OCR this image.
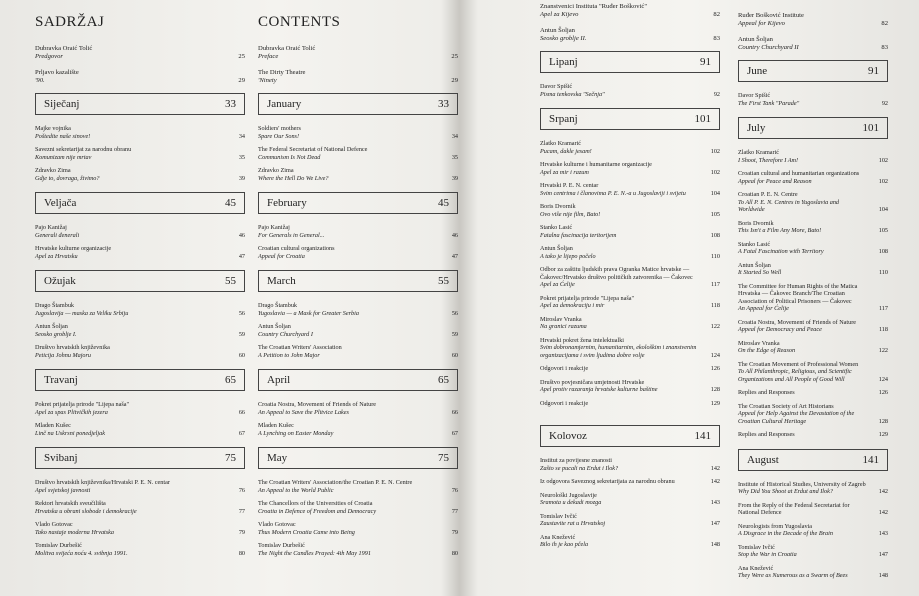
SADRŽAJ
Dubravka Oraić Tolić
Predgovor	25
Prljavo kazalište
'90.	29
Siječanj	33
Majke vojnika
Poštedite naše sinove!	34
Savezni sekretarijat za narodnu obranu
Komunizam nije mrtav	35
Zdravko Zima
Gdje to, dovraga, živimo?	39
Veljača	45
Pajo Kanižaj
Generali đenerali	46
Hrvatske kulturne organizacije
Apel za Hrvatsku	47
Ožujak	55
Drago Štambuk
Jugoslavija — maska za Veliku Srbiju	56
Antun Šoljan
Seosko groblje I.	59
Društvo hrvatskih književnika
Peticija Johnu Majoru	60
Travanj	65
Pokret prijatelja prirode "Lijepa naša"
Apel za spas Plitvičkih jezera	66
Mladen Kušec
Linč na Uskrsni ponedjeljak	67
Svibanj	75
Društvo hrvatskih književnika/Hrvatski P. E. N. centar
Apel svjetskoj javnosti	76
Rektori hrvatskih sveučilišta
Hrvatska u obrani slobode i demokracije	77
Vlado Gotovac
Tako nastaje moderna Hrvatska	79
Tomislav Durbešić
Molitva svijeća noću 4. svibnja 1991.	80
CONTENTS
Dubravka Oraić Tolić
Preface	25
The Dirty Theatre
'Ninety	29
January	33
Soldiers' mothers
Spare Our Sons!	34
The Federal Secretariat of National Defence
Communism Is Not Dead	35
Zdravko Zima
Where the Hell Do We Live?	39
February	45
Pajo Kanižaj
For Generals in General...	46
Croatian cultural organizations
Appeal for Croatia	47
March	55
Drago Štambuk
Yugoslavia — a Mask for Greater Serbia	56
Antun Šoljan
Country Churchyard I	59
The Croatian Writers' Association
A Petition to John Major	60
April	65
Croatia Nostra, Movement of Friends of Nature
An Appeal to Save the Plitvice Lakes	66
Mladen Kušec
A Lynching on Easter Monday	67
May	75
The Croatian Writers' Association/the Croatian P. E. N. Centre
An Appeal to the World Public	76
The Chancellors of the Universities of Croatia
Croatia in Defence of Freedom and Democracy	77
Vlado Gotovac
Thus Modern Croatia Came into Being	79
Tomislav Durbešić
The Night the Candles Prayed: 4th May 1991	80
Znanstvenici Instituta "Ruđer Bošković"
Apel za Kijevo	82
Antun Šoljan
Seosko groblje II.	83
Lipanj	91
Davor Spišić
Pisma tenkovska "Sečnja"	92
Srpanj	101
Zlatko Kramarić
Pucam, dakle jesam!	102
Hrvatske kulturne i humanitarne organizacije
Apel za mir i razum	102
Hrvatski P. E. N. centar
Svim centrima i članovima P. E. N.-a u Jugoslaviji i svijetu	104
Boris Dvornik
Ovo više nije film, Bato!	105
Stanko Lasić
Fatalna fascinacija teritorijem	108
Antun Šoljan
A tako je lijepo počelo	110
Odbor za zaštitu ljudskih prava Ogranka Matice hrvatske — Čakovec/Hrvatsko društvo političkih zatvorenika — Čakovec
Apel za Ćelije	117
Pokret prijatelja prirode "Lijepa naša"
Apel za demokraciju i mir	118
Miroslav Vranka
Na granici razuma	122
Hrvatski pokret žena intelektualki
Svim dobronamjernim, humanitarnim, ekološkim i znanstvenim organizacijama i svim ljudima dobre volje	124
Odgovori i reakcije	126
Društvo povjesničara umjetnosti Hrvatske
Apel protiv razaranja hrvatske kulturne baštine	128
Odgovori i reakcije	129
Kolovoz	141
Institut za povijesne znanosti
Zašto se pucali na Erdut i Ilok?	142
Iz odgovora Saveznog sekretarijata za narodnu obranu	142
Neurološki Jugoslavije
Sramota u dekadi mozga	143
Tomislav Ivčić
Zaustavite rat u Hrvatskoj	147
Ana Knežević
Bilo ih je kao pčela	148
Ruđer Bošković Institute
Appeal for Kijevo	82
Antun Šoljan
Country Churchyard II	83
June	91
Davor Spišić
The First Tank "Parade"	92
July	101
Zlatko Kramarić
I Shoot, Therefore I Am!	102
Croatian cultural and humanitarian organizations
Appeal for Peace and Reason	102
Croatian P. E. N. Centre
To All P. E. N. Centres in Yugoslavia and Worldwide	104
Boris Dvornik
This Isn't a Film Any More, Bato!	105
Stanko Lasić
A Fatal Fascination with Territory	108
Antun Šoljan
It Started So Well	110
The Committee for Human Rights of the Matica Hrvatska — Čakovec Branch/The Croatian Association of Political Prisoners — Čakovec
An Appeal for Ćelije	117
Croatia Nostra, Movement of Friends of Nature
Appeal for Democracy and Peace	118
Miroslav Vranka
On the Edge of Reason	122
The Croatian Movement of Professional Women
To All Philanthropic, Religious, and Scientific Organizations and All People of Good Will	124
Replies and Responses	126
The Croatian Society of Art Historians
Appeal for Help Against the Devastation of the Croatian Cultural Heritage	128
Replies and Responses	129
August	141
Institute of Historical Studies, University of Zagreb
Why Did You Shoot at Erdut and Ilok?	142
From the Reply of the Federal Secretariat for National Defence	142
Neurologists from Yugoslavia
A Disgrace in the Decade of the Brain	143
Tomislav Ivčić
Stop the War in Croatia	147
Ana Knežević
They Were as Numerous as a Swarm of Bees	148
